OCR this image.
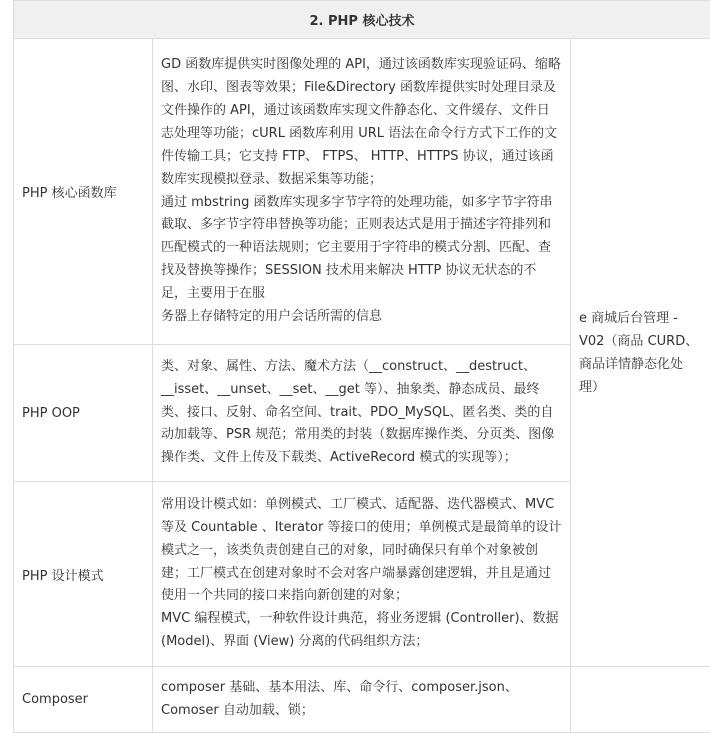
2. PHP 核心技术		
PHP 核心函数库	GD 函数库提供实时图像处理的 API，通过该函数库实现验证码、缩略图、水印、图表等效果；File&Directory 函数库提供实时处理目录及文件操作的 API，通过该函数库实现文件静态化、文件缓存、文件日志处理等功能；cURL 函数库利用 URL 语法在命令行方式下工作的文件传输工具；它支持 FTP、 FTPS、 HTTP、HTTPS 协议，通过该函数库实现模拟登录、数据采集等功能；

通过 mbstring 函数库实现多字节字符的处理功能，如多字节字符串截取、多字节字符串替换等功能；正则表达式是用于描述字符排列和匹配模式的一种语法规则；它主要用于字符串的模式分割、匹配、查找及替换等操作；SESSION 技术用来解决 HTTP 协议无状态的不足，主要用于在服

务器上存储特定的用户会话所需的信息	e 商城后台管理 -V02（商品 CURD、商品详情静态化处理）
PHP OOP	类、对象、属性、方法、魔术方法（__construct、__destruct、__isset、__unset、__set、__get 等）、抽象类、静态成员、最终类、接口、反射、命名空间、trait、PDO_MySQL、匿名类、类的自动加载等、PSR 规范；常用类的封装（数据库操作类、分页类、图像操作类、文件上传及下载类、ActiveRecord 模式的实现等）；	

PHP 设计模式	常用设计模式如：单例模式、工厂模式、适配器、迭代器模式、MVC 等及 Countable 、Iterator 等接口的使用；单例模式是最简单的设计模式之一，该类负责创建自己的对象，同时确保只有单个对象被创建；工厂模式在创建对象时不会对客户端暴露创建逻辑，并且是通过使用一个共同的接口来指向新创建的对象；

MVC 编程模式，一种软件设计典范，将业务逻辑 (Controller)、数据 (Model)、界面 (View) 分离的代码组织方法；	

Composer	composer 基础、基本用法、库、命令行、composer.json、Comoser 自动加载、锁；	
